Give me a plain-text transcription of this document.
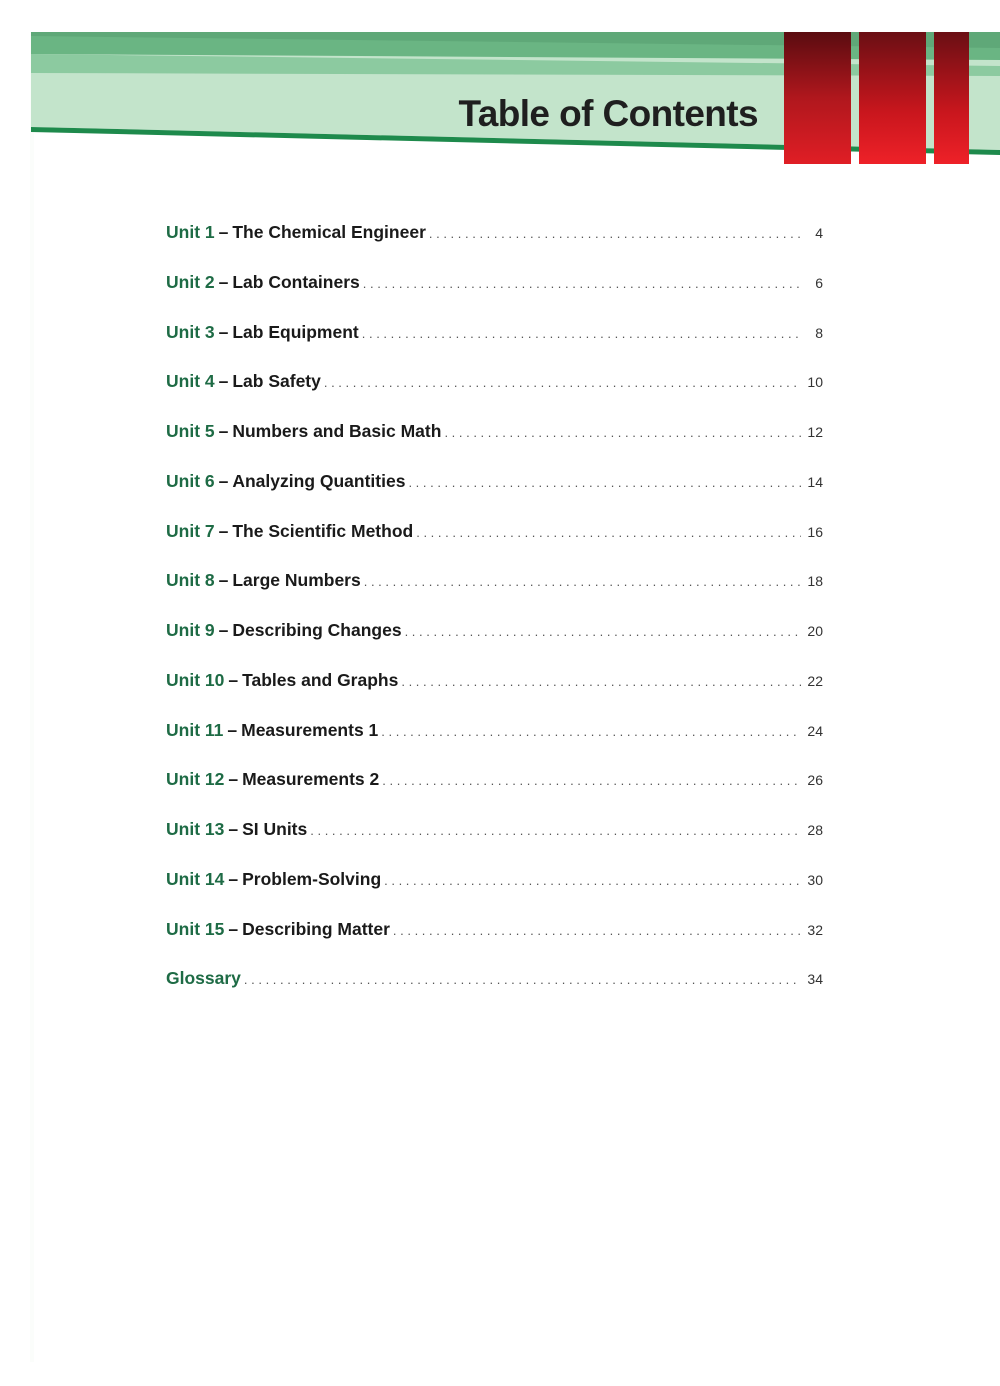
Table of Contents
Unit 1 – The Chemical Engineer . . .	4
Unit 2 – Lab Containers . . .	6
Unit 3 – Lab Equipment . . .	8
Unit 4 – Lab Safety . . .	10
Unit 5 – Numbers and Basic Math . . .	12
Unit 6 – Analyzing Quantities . . .	14
Unit 7 – The Scientific Method . . .	16
Unit 8 – Large Numbers . . .	18
Unit 9 – Describing Changes . . .	20
Unit 10 – Tables and Graphs . . .	22
Unit 11 – Measurements 1 . . .	24
Unit 12 – Measurements 2 . . .	26
Unit 13 – SI Units . . .	28
Unit 14 – Problem-Solving . . .	30
Unit 15 – Describing Matter . . .	32
Glossary . . .	34
